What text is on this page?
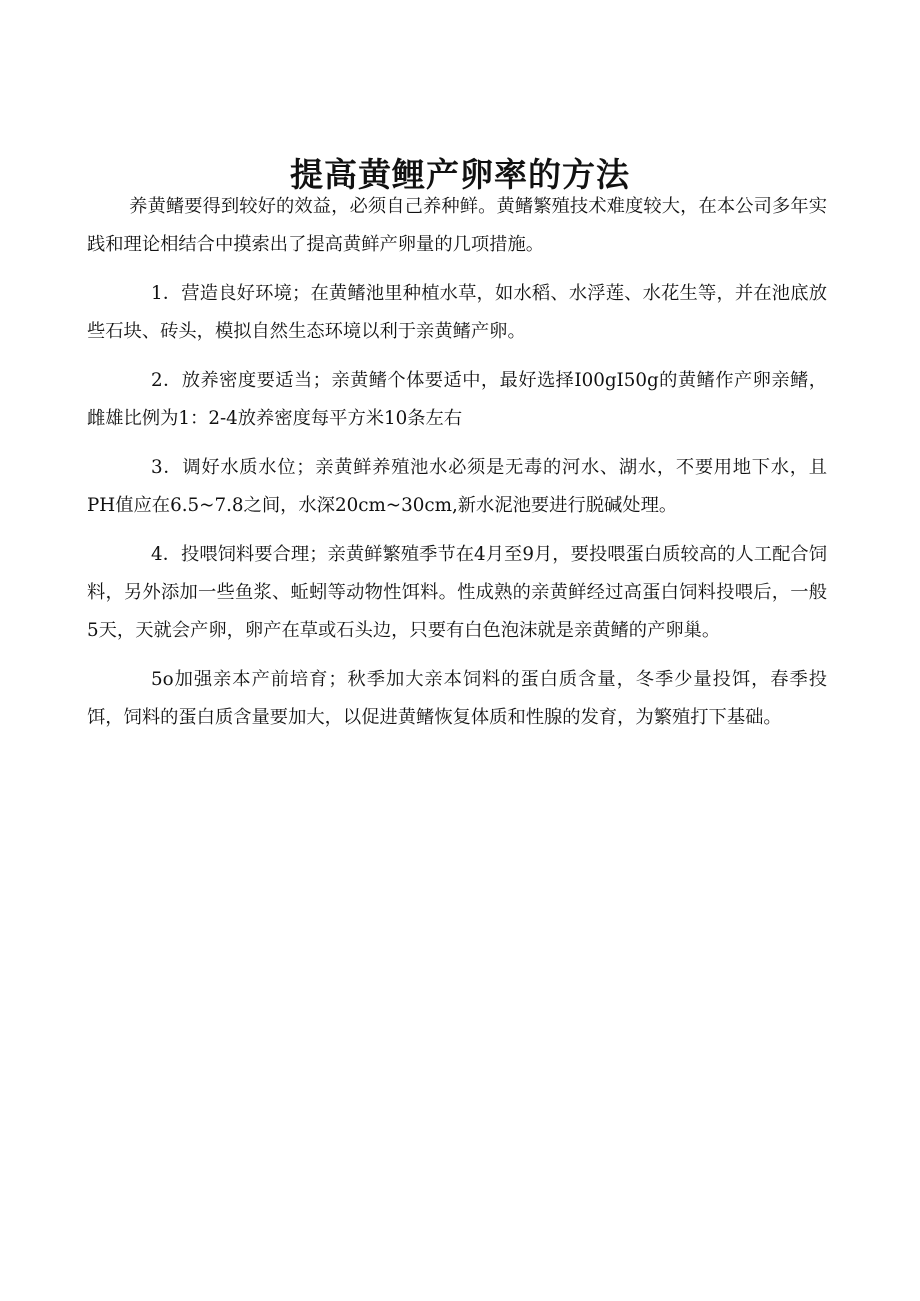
提高黄鲤产卵率的方法

养黄鳍要得到较好的效益，必须自己养种鲜。黄鳍繁殖技术难度较大，在本公司多年实践和理论相结合中摸索出了提高黄鲜产卵量的几项措施。

1．营造良好环境；在黄鳍池里种植水草，如水稻、水浮莲、水花生等，并在池底放些石块、砖头，模拟自然生态环境以利于亲黄鳍产卵。

2．放养密度要适当；亲黄鳍个体要适中，最好选择I00gI50g的黄鳍作产卵亲鳍，雌雄比例为1：2-4放养密度每平方米10条左右

3．调好水质水位；亲黄鲜养殖池水必须是无毒的河水、湖水，不要用地下水，且PH值应在6.5~7.8之间，水深20cm~30cm,新水泥池要进行脱碱处理。

4．投喂饲料要合理；亲黄鲜繁殖季节在4月至9月，要投喂蛋白质较高的人工配合饲料，另外添加一些鱼浆、蚯蚓等动物性饵料。性成熟的亲黄鲜经过高蛋白饲料投喂后，一般5天，天就会产卵，卵产在草或石头边，只要有白色泡沫就是亲黄鳍的产卵巢。

5o加强亲本产前培育；秋季加大亲本饲料的蛋白质含量，冬季少量投饵，春季投饵，饲料的蛋白质含量要加大，以促进黄鳍恢复体质和性腺的发育，为繁殖打下基础。
